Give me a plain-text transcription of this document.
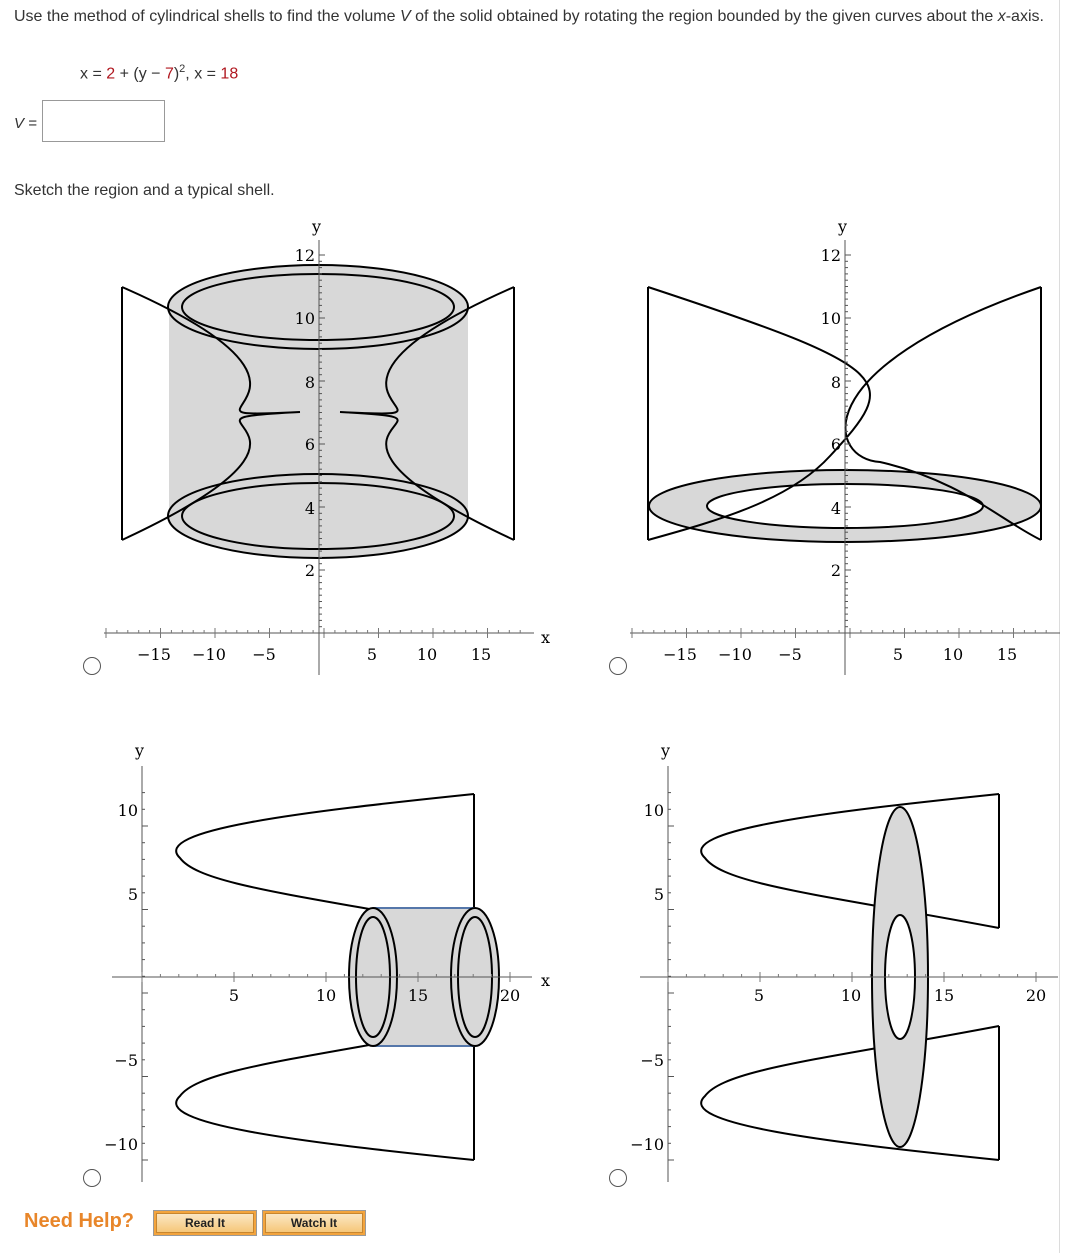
Use the method of cylindrical shells to find the volume V of the solid obtained by rotating the region bounded by the given curves about the x-axis.
$x = 2 + (y - 7)^2$, x = 18
V =
Sketch the region and a typical shell.
x
y
−15 −10 −5	5 10 15
2
4
6
8
10
12
y
−15 −10 −5	5 10 15
2
4
6
8
10
12
x
y
5	10	15	20
10
5
−5
−10
y
5	10	15	20
10
5
−5
−10
Need Help?	Read It	Watch It
